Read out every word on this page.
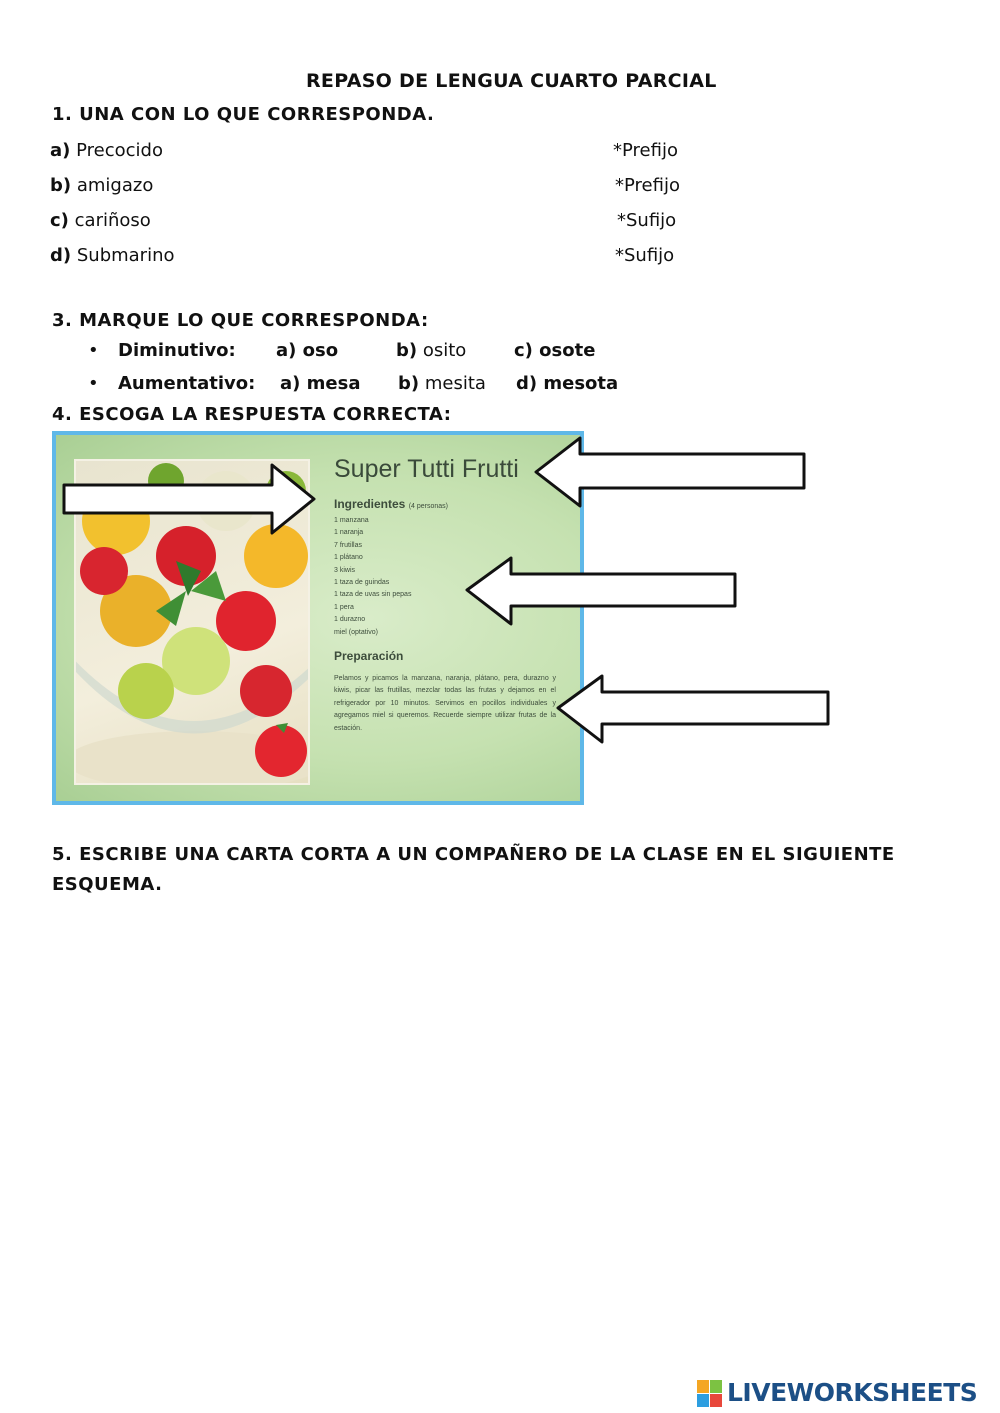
REPASO DE LENGUA CUARTO PARCIAL
1. UNA CON LO QUE CORRESPONDA.
a) Precocido
b) amigazo
c) cariñoso
d) Submarino
*Prefijo
*Prefijo
*Sufijo
*Sufijo
3. MARQUE LO QUE CORRESPONDA:
• Diminutivo: a) oso	b) osito	c) osote
• Aumentativo: a) mesa b) mesita d) mesota
4. ESCOGA LA RESPUESTA CORRECTA:
Super Tutti Frutti
Ingredientes (4 personas)
1 manzana
1 naranja
7 frutillas
1 plátano
3 kiwis
1 taza de guindas
1 taza de uvas sin pepas
1 pera
1 durazno
miel (optativo)
Preparación
Pelamos y picamos la manzana, naranja, plátano, pera, durazno y kiwis, picar las frutillas, mezclar todas las frutas y dejamos en el refrigerador por 10 minutos. Servimos en pocillos individuales y agregamos miel si queremos. Recuerde siempre utilizar frutas de la estación.
5. ESCRIBE UNA CARTA CORTA A UN COMPAÑERO DE LA CLASE EN EL SIGUIENTE
ESQUEMA.
LIVEWORKSHEETS
